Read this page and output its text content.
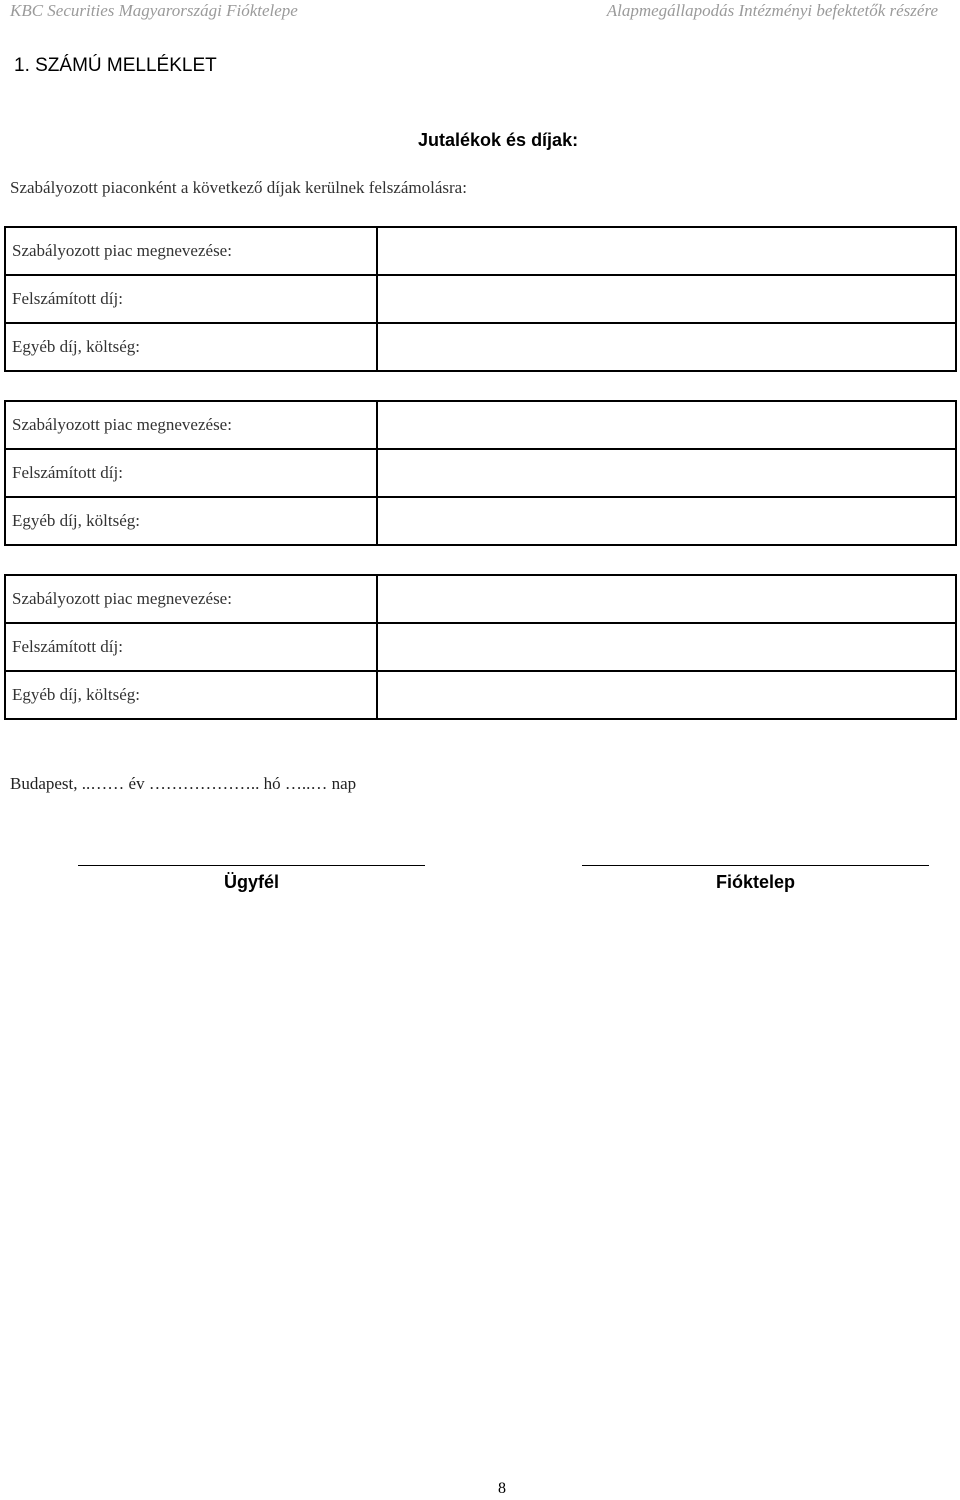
KBC Securities Magyarországi Fióktelepe	Alapmegállapodás Intézményi befektetők részére
1. SZÁMÚ MELLÉKLET
Jutalékok és díjak:
Szabályozott piaconként a következő díjak kerülnek felszámolásra:
Szabályozott piac megnevezése:	
Felszámított díj:	
Egyéb díj, költség:	
Szabályozott piac megnevezése:	
Felszámított díj:	
Egyéb díj, költség:	
Szabályozott piac megnevezése:	
Felszámított díj:	
Egyéb díj, költség:	
Budapest, ..…… év ……………….. hó …..… nap
Ügyfél	Fióktelep
8
